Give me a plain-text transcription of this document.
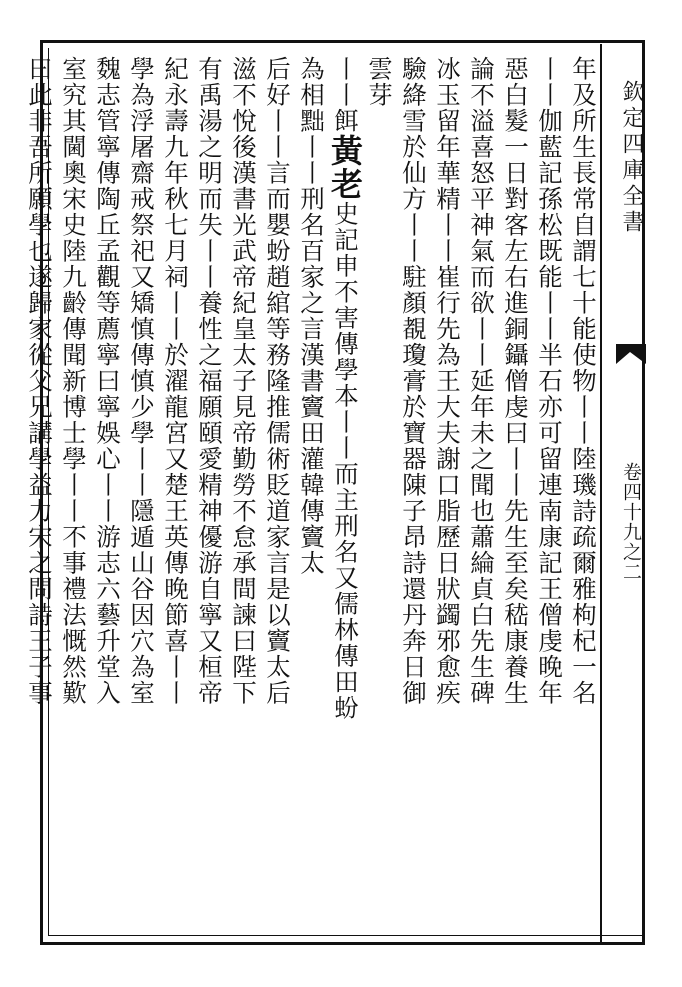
欽定四庫全書
卷四十九之二
年及所生長常自謂七十能使物丨丨陸璣詩疏爾雅枸杞一名
丨丨伽藍記孫松既能丨丨半石亦可留連南康記王僧虔晚年
惡白髮一日對客左右進銅鑷僧虔曰丨丨先生至矣嵇康養生
論不溢喜怒平神氣而欲丨丨延年未之聞也蕭綸貞白先生碑
冰玉留年華精丨丨崔行先為王大夫謝口脂歷日狀蠲邪愈疾
驗絳雪於仙方丨丨駐顏覩瓊膏於寶器陳子昂詩還丹奔日御
雲芽
丨丨餌黃老史記申不害傳學本丨丨而主刑名又儒林傳田蚡
為相黜丨丨刑名百家之言漢書竇田灌韓傳竇太
后好丨丨言而嬰蚡趙綰等務隆推儒術貶道家言是以竇太后
滋不悅後漢書光武帝紀皇太子見帝勤勞不怠承間諫曰陛下
有禹湯之明而失丨丨養性之福願頤愛精神優游自寧又桓帝
紀永壽九年秋七月祠丨丨於濯龍宮又楚王英傳晚節喜丨丨
學為浮屠齋戒祭祀又矯慎傳慎少學丨丨隱遁山谷因穴為室
魏志管寧傳陶丘孟觀等薦寧曰寧娛心丨丨游志六藝升堂入
室究其閫奧宋史陸九齡傳聞新博士學丨丨不事禮法慨然歎
曰此非吾所願學也遂歸家從父兄講學益力宋之問詩王子事
